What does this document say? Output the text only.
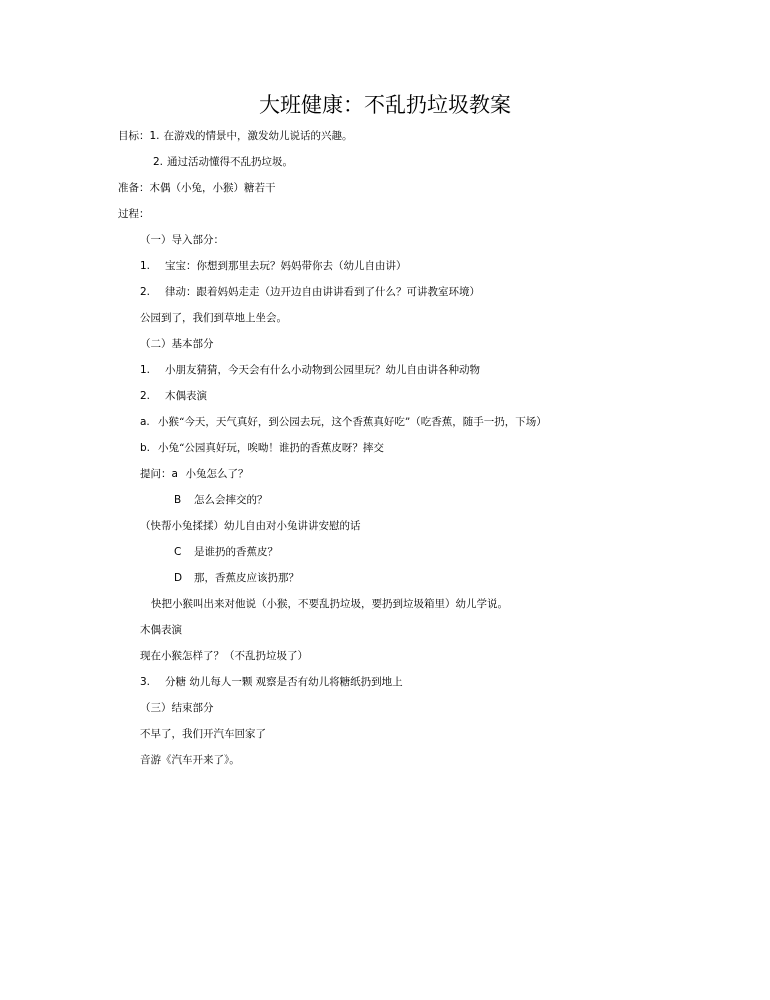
大班健康：不乱扔垃圾教案
目标：1. 在游戏的情景中，激发幼儿说话的兴趣。
2. 通过活动懂得不乱扔垃圾。
准备：木偶（小兔，小猴）糖若干
过程：
（一）导入部分：
1. 宝宝：你想到那里去玩？妈妈带你去（幼儿自由讲）
2. 律动：跟着妈妈走走（边开边自由讲讲看到了什么？可讲教室环境）
公园到了，我们到草地上坐会。
（二）基本部分
1. 小朋友猜猜，今天会有什么小动物到公园里玩？幼儿自由讲各种动物
2. 木偶表演
a. 小猴“今天，天气真好，到公园去玩，这个香蕉真好吃”（吃香蕉，随手一扔，下场）
b. 小兔“公园真好玩，唉呦！谁扔的香蕉皮呀？摔交
提问：a 小兔怎么了？
B 怎么会摔交的？
（快帮小兔揉揉）幼儿自由对小兔讲讲安慰的话
C 是谁扔的香蕉皮？
D 那，香蕉皮应该扔那？
快把小猴叫出来对他说（小猴，不要乱扔垃圾，要扔到垃圾箱里）幼儿学说。
木偶表演
现在小猴怎样了？（不乱扔垃圾了）
3. 分糖 幼儿每人一颗 观察是否有幼儿将糖纸扔到地上
（三）结束部分
不早了，我们开汽车回家了
音游《汽车开来了》。
